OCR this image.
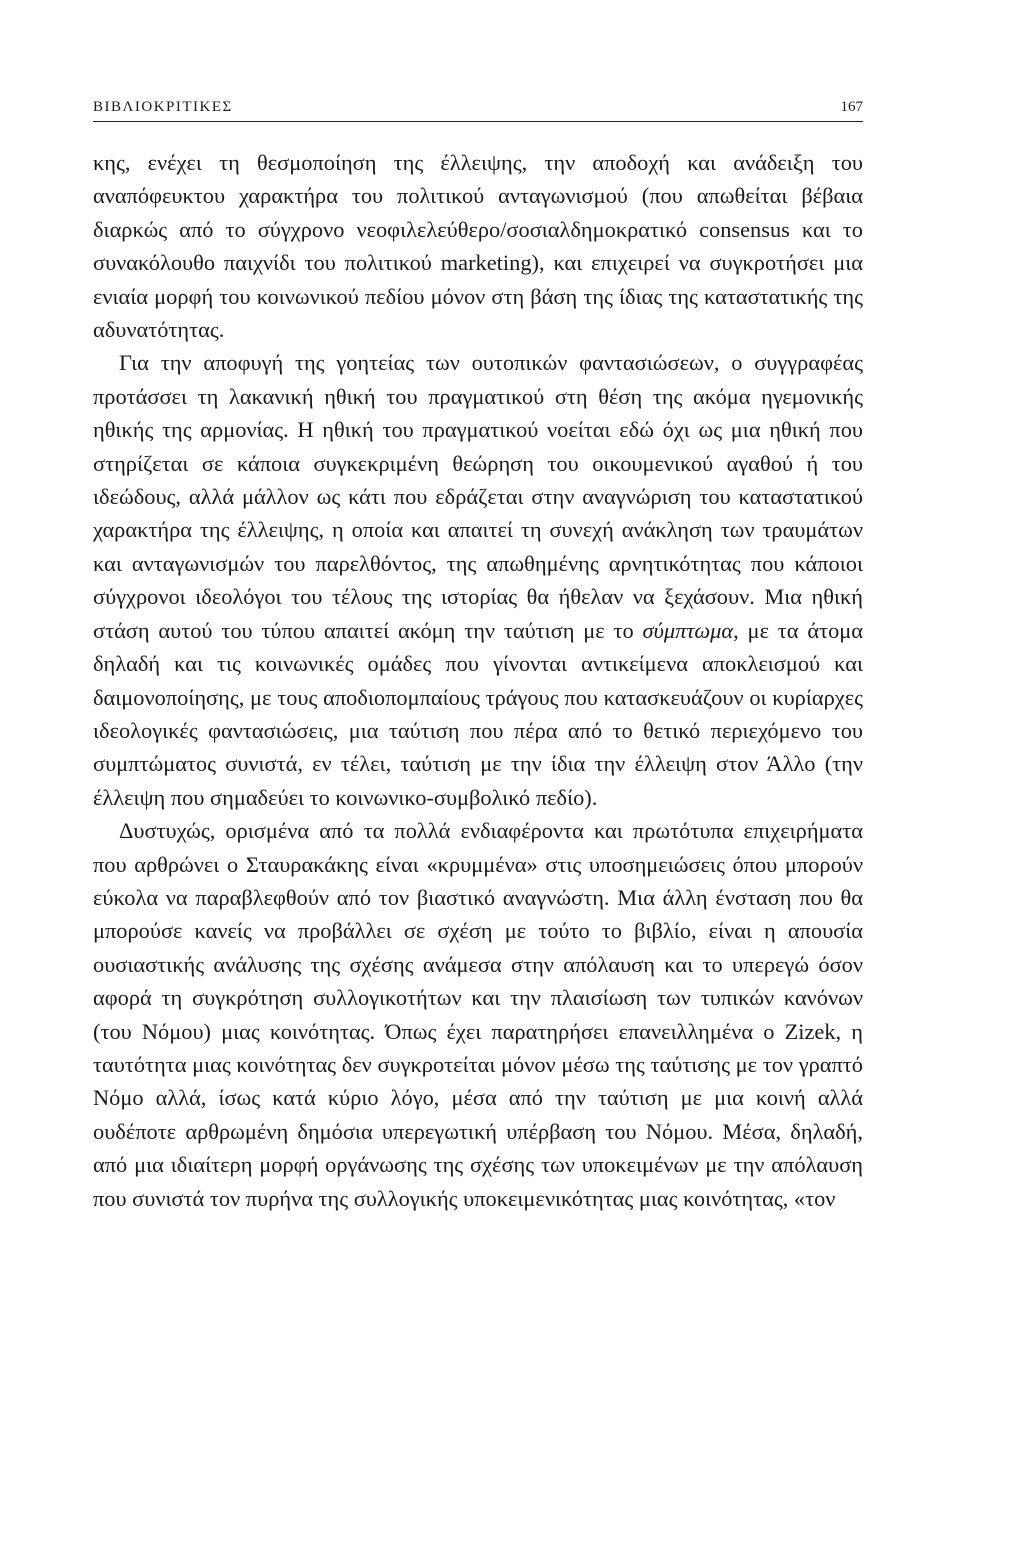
ΒΙΒΛΙΟΚΡΙΤΙΚΕΣ	167

κης, ενέχει τη θεσμοποίηση της έλλειψης, την αποδοχή και ανάδειξη του αναπόφευκτου χαρακτήρα του πολιτικού ανταγωνισμού (που απωθείται βέβαια διαρκώς από το σύγχρονο νεοφιλελεύθερο/σοσιαλδημοκρατικό consensus και το συνακόλουθο παιχνίδι του πολιτικού marketing), και επιχειρεί να συγκροτήσει μια ενιαία μορφή του κοινωνικού πεδίου μόνον στη βάση της ίδιας της καταστατικής της αδυνατότητας.

Για την αποφυγή της γοητείας των ουτοπικών φαντασιώσεων, ο συγγραφέας προτάσσει τη λακανική ηθική του πραγματικού στη θέση της ακόμα ηγεμονικής ηθικής της αρμονίας. Η ηθική του πραγματικού νοείται εδώ όχι ως μια ηθική που στηρίζεται σε κάποια συγκεκριμένη θεώρηση του οικουμενικού αγαθού ή του ιδεώδους, αλλά μάλλον ως κάτι που εδράζεται στην αναγνώριση του καταστατικού χαρακτήρα της έλλειψης, η οποία και απαιτεί τη συνεχή ανάκληση των τραυμάτων και ανταγωνισμών του παρελθόντος, της απωθημένης αρνητικότητας που κάποιοι σύγχρονοι ιδεολόγοι του τέλους της ιστορίας θα ήθελαν να ξεχάσουν. Μια ηθική στάση αυτού του τύπου απαιτεί ακόμη την ταύτιση με το σύμπτωμα, με τα άτομα δηλαδή και τις κοινωνικές ομάδες που γίνονται αντικείμενα αποκλεισμού και δαιμονοποίησης, με τους αποδιοπομπαίους τράγους που κατασκευάζουν οι κυρίαρχες ιδεολογικές φαντασιώσεις, μια ταύτιση που πέρα από το θετικό περιεχόμενο του συμπτώματος συνιστά, εν τέλει, ταύτιση με την ίδια την έλλειψη στον Άλλο (την έλλειψη που σημαδεύει το κοινωνικο-συμβολικό πεδίο).

Δυστυχώς, ορισμένα από τα πολλά ενδιαφέροντα και πρωτότυπα επιχειρήματα που αρθρώνει ο Σταυρακάκης είναι «κρυμμένα» στις υποσημειώσεις όπου μπορούν εύκολα να παραβλεφθούν από τον βιαστικό αναγνώστη. Μια άλλη ένσταση που θα μπορούσε κανείς να προβάλλει σε σχέση με τούτο το βιβλίο, είναι η απουσία ουσιαστικής ανάλυσης της σχέσης ανάμεσα στην απόλαυση και το υπερεγώ όσον αφορά τη συγκρότηση συλλογικοτήτων και την πλαισίωση των τυπικών κανόνων (του Νόμου) μιας κοινότητας. Όπως έχει παρατηρήσει επανειλλημένα ο Zizek, η ταυτότητα μιας κοινότητας δεν συγκροτείται μόνον μέσω της ταύτισης με τον γραπτό Νόμο αλλά, ίσως κατά κύριο λόγο, μέσα από την ταύτιση με μια κοινή αλλά ουδέποτε αρθρωμένη δημόσια υπερεγωτική υπέρβαση του Νόμου. Μέσα, δηλαδή, από μια ιδιαίτερη μορφή οργάνωσης της σχέσης των υποκειμένων με την απόλαυση που συνιστά τον πυρήνα της συλλογικής υποκειμενικότητας μιας κοινότητας, «τον
